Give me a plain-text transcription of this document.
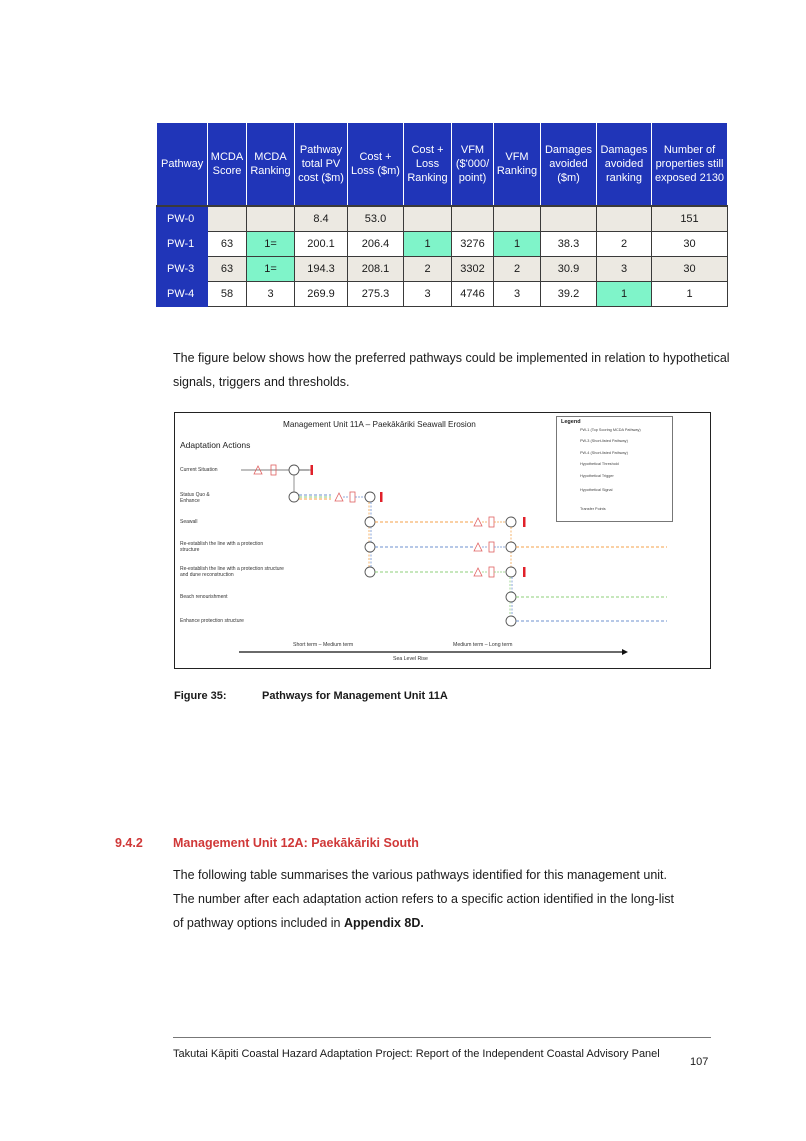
Pathway	MCDA Score	MCDA Ranking	Pathway total PV cost ($m)	Cost + Loss ($m)	Cost + Loss Ranking	VFM ($'000/ point)	VFM Ranking	Damages avoided ($m)	Damages avoided ranking	Number of properties still exposed 2130
PW-0			8.4	53.0						151
PW-1	63	1=	200.1	206.4	1	3276	1	38.3	2	30
PW-3	63	1=	194.3	208.1	2	3302	2	30.9	3	30
PW-4	58	3	269.9	275.3	3	4746	3	39.2	1	1
The figure below shows how the preferred pathways could be implemented in relation to hypothetical signals, triggers and thresholds.
Management Unit 11A – Paekākāriki Seawall Erosion
Adaptation Actions
Current Situation
Status Quo & Enhance
Seawall
Re-establish the line with a protection structure
Re-establish the line with a protection structure and dune reconstruction
Beach renourishment
Enhance protection structure
Legend
PW-1 (Top Scoring MCDA Pathway)
PW-3 (Short-listed Pathway)
PW-4 (Short-listed Pathway)
Hypothetical Threshold
Hypothetical Trigger
Hypothetical Signal
Transfer Points
Short term – Medium term	Medium term – Long term
Sea Level Rise
Figure 35:	Pathways for Management Unit 11A
9.4.2 Management Unit 12A: Paekākāriki South
The following table summarises the various pathways identified for this management unit.
The number after each adaptation action refers to a specific action identified in the long-list
of pathway options included in Appendix 8D.
Takutai Kāpiti Coastal Hazard Adaptation Project: Report of the Independent Coastal Advisory Panel
107
